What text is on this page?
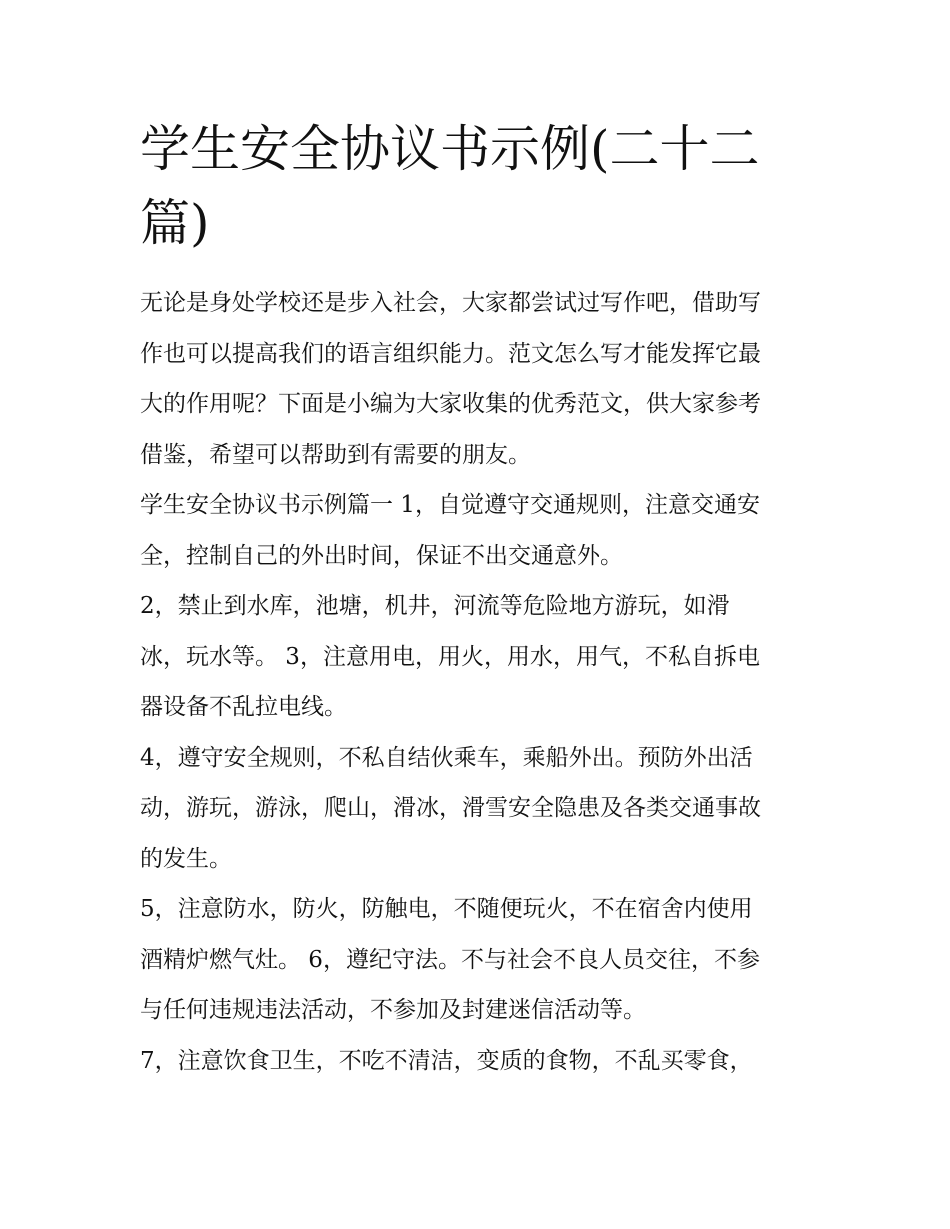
学生安全协议书示例(二十二
篇)

无论是身处学校还是步入社会，大家都尝试过写作吧，借助写
作也可以提高我们的语言组织能力。范文怎么写才能发挥它最
大的作用呢？下面是小编为大家收集的优秀范文，供大家参考
借鉴，希望可以帮助到有需要的朋友。

学生安全协议书示例篇一 1，自觉遵守交通规则，注意交通安
全，控制自己的外出时间，保证不出交通意外。

2，禁止到水库，池塘，机井，河流等危险地方游玩，如滑
冰，玩水等。 3，注意用电，用火，用水，用气，不私自拆电
器设备不乱拉电线。

4，遵守安全规则，不私自结伙乘车，乘船外出。预防外出活
动，游玩，游泳，爬山，滑冰，滑雪安全隐患及各类交通事故
的发生。

5，注意防水，防火，防触电，不随便玩火，不在宿舍内使用
酒精炉燃气灶。 6，遵纪守法。不与社会不良人员交往，不参
与任何违规违法活动，不参加及封建迷信活动等。

7，注意饮食卫生，不吃不清洁，变质的食物，不乱买零食，
